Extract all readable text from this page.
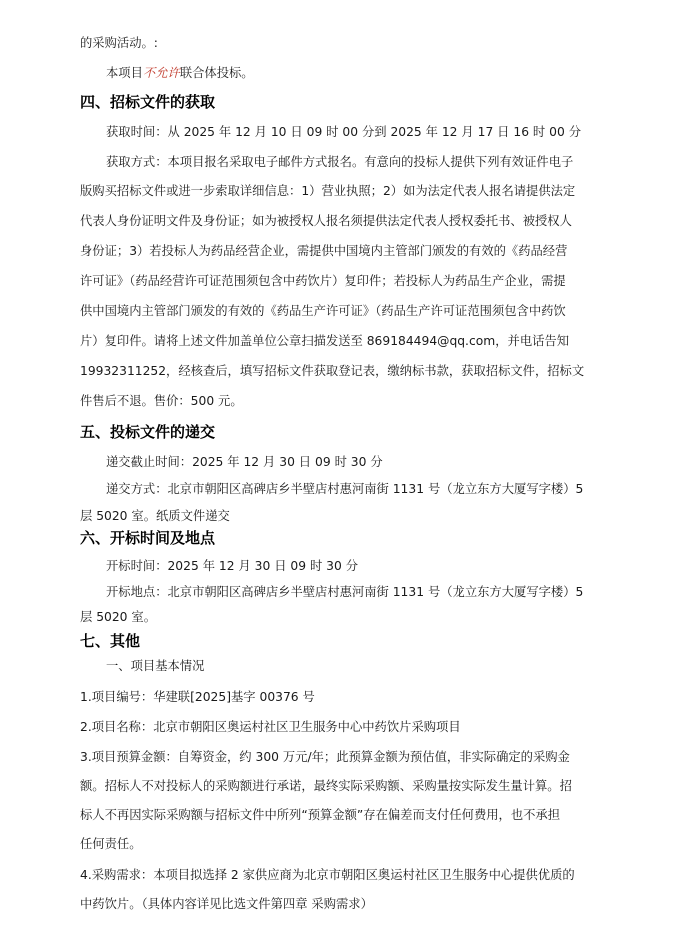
的采购活动。:
本项目不允许联合体投标。
四、招标文件的获取
获取时间：从 2025 年 12 月 10 日 09 时 00 分到 2025 年 12 月 17 日 16 时 00 分
获取方式：本项目报名采取电子邮件方式报名。有意向的投标人提供下列有效证件电子
版购买招标文件或进一步索取详细信息：1）营业执照；2）如为法定代表人报名请提供法定
代表人身份证明文件及身份证；如为被授权人报名须提供法定代表人授权委托书、被授权人
身份证；3）若投标人为药品经营企业，需提供中国境内主管部门颁发的有效的《药品经营
许可证》（药品经营许可证范围须包含中药饮片）复印件；若投标人为药品生产企业，需提
供中国境内主管部门颁发的有效的《药品生产许可证》（药品生产许可证范围须包含中药饮
片）复印件。请将上述文件加盖单位公章扫描发送至 869184494@qq.com，并电话告知
19932311252，经核查后，填写招标文件获取登记表，缴纳标书款，获取招标文件，招标文
件售后不退。售价：500 元。
五、投标文件的递交
递交截止时间：2025 年 12 月 30 日 09 时 30 分
递交方式：北京市朝阳区高碑店乡半壁店村惠河南街 1131 号（龙立东方大厦写字楼）5
层 5020 室。纸质文件递交
六、开标时间及地点
开标时间：2025 年 12 月 30 日 09 时 30 分
开标地点：北京市朝阳区高碑店乡半壁店村惠河南街 1131 号（龙立东方大厦写字楼）5
层 5020 室。
七、其他
一、项目基本情况
1.项目编号：华建联[2025]基字 00376 号
2.项目名称：北京市朝阳区奥运村社区卫生服务中心中药饮片采购项目
3.项目预算金额：自筹资金，约 300 万元/年；此预算金额为预估值，非实际确定的采购金
额。招标人不对投标人的采购额进行承诺，最终实际采购额、采购量按实际发生量计算。招
标人不再因实际采购额与招标文件中所列“预算金额”存在偏差而支付任何费用，也不承担
任何责任。
4.采购需求：本项目拟选择 2 家供应商为北京市朝阳区奥运村社区卫生服务中心提供优质的
中药饮片。（具体内容详见比选文件第四章 采购需求）
